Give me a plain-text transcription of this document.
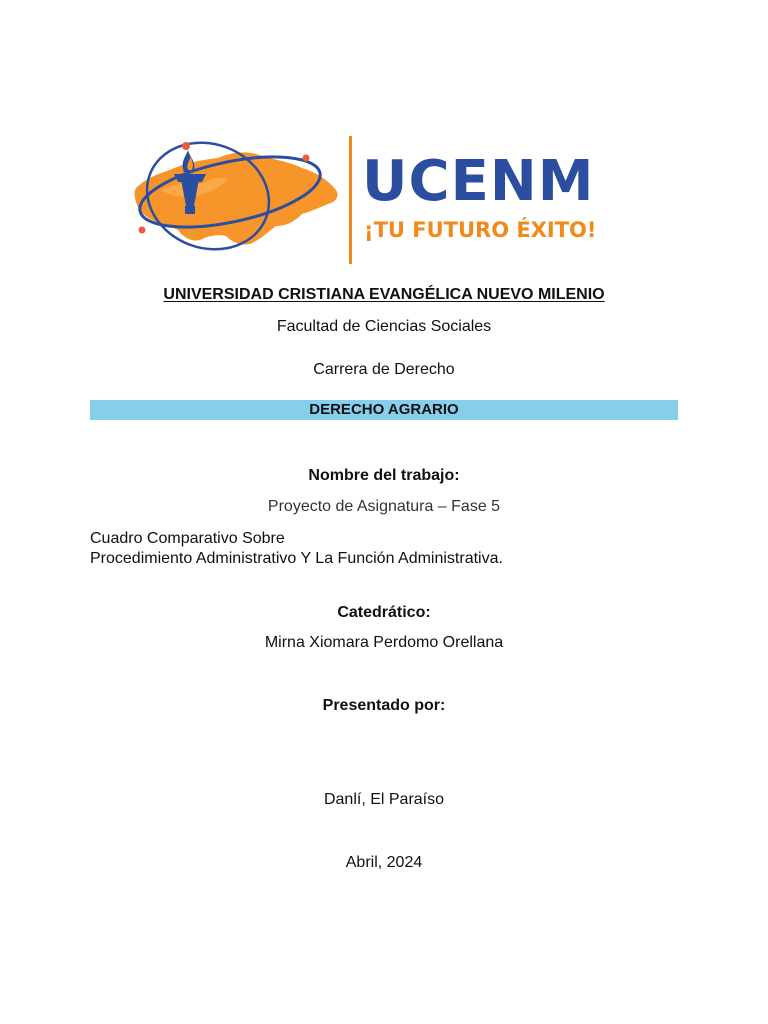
UCENM
¡TU FUTURO ÉXITO!
UNIVERSIDAD CRISTIANA EVANGÉLICA NUEVO MILENIO
Facultad de Ciencias Sociales
Carrera de Derecho
DERECHO AGRARIO
Nombre del trabajo:
Proyecto de Asignatura – Fase 5
Cuadro Comparativo Sobre
Procedimiento Administrativo Y La Función Administrativa.
Catedrático:
Mirna Xiomara Perdomo Orellana
Presentado por:
Danlí, El Paraíso
Abril, 2024
